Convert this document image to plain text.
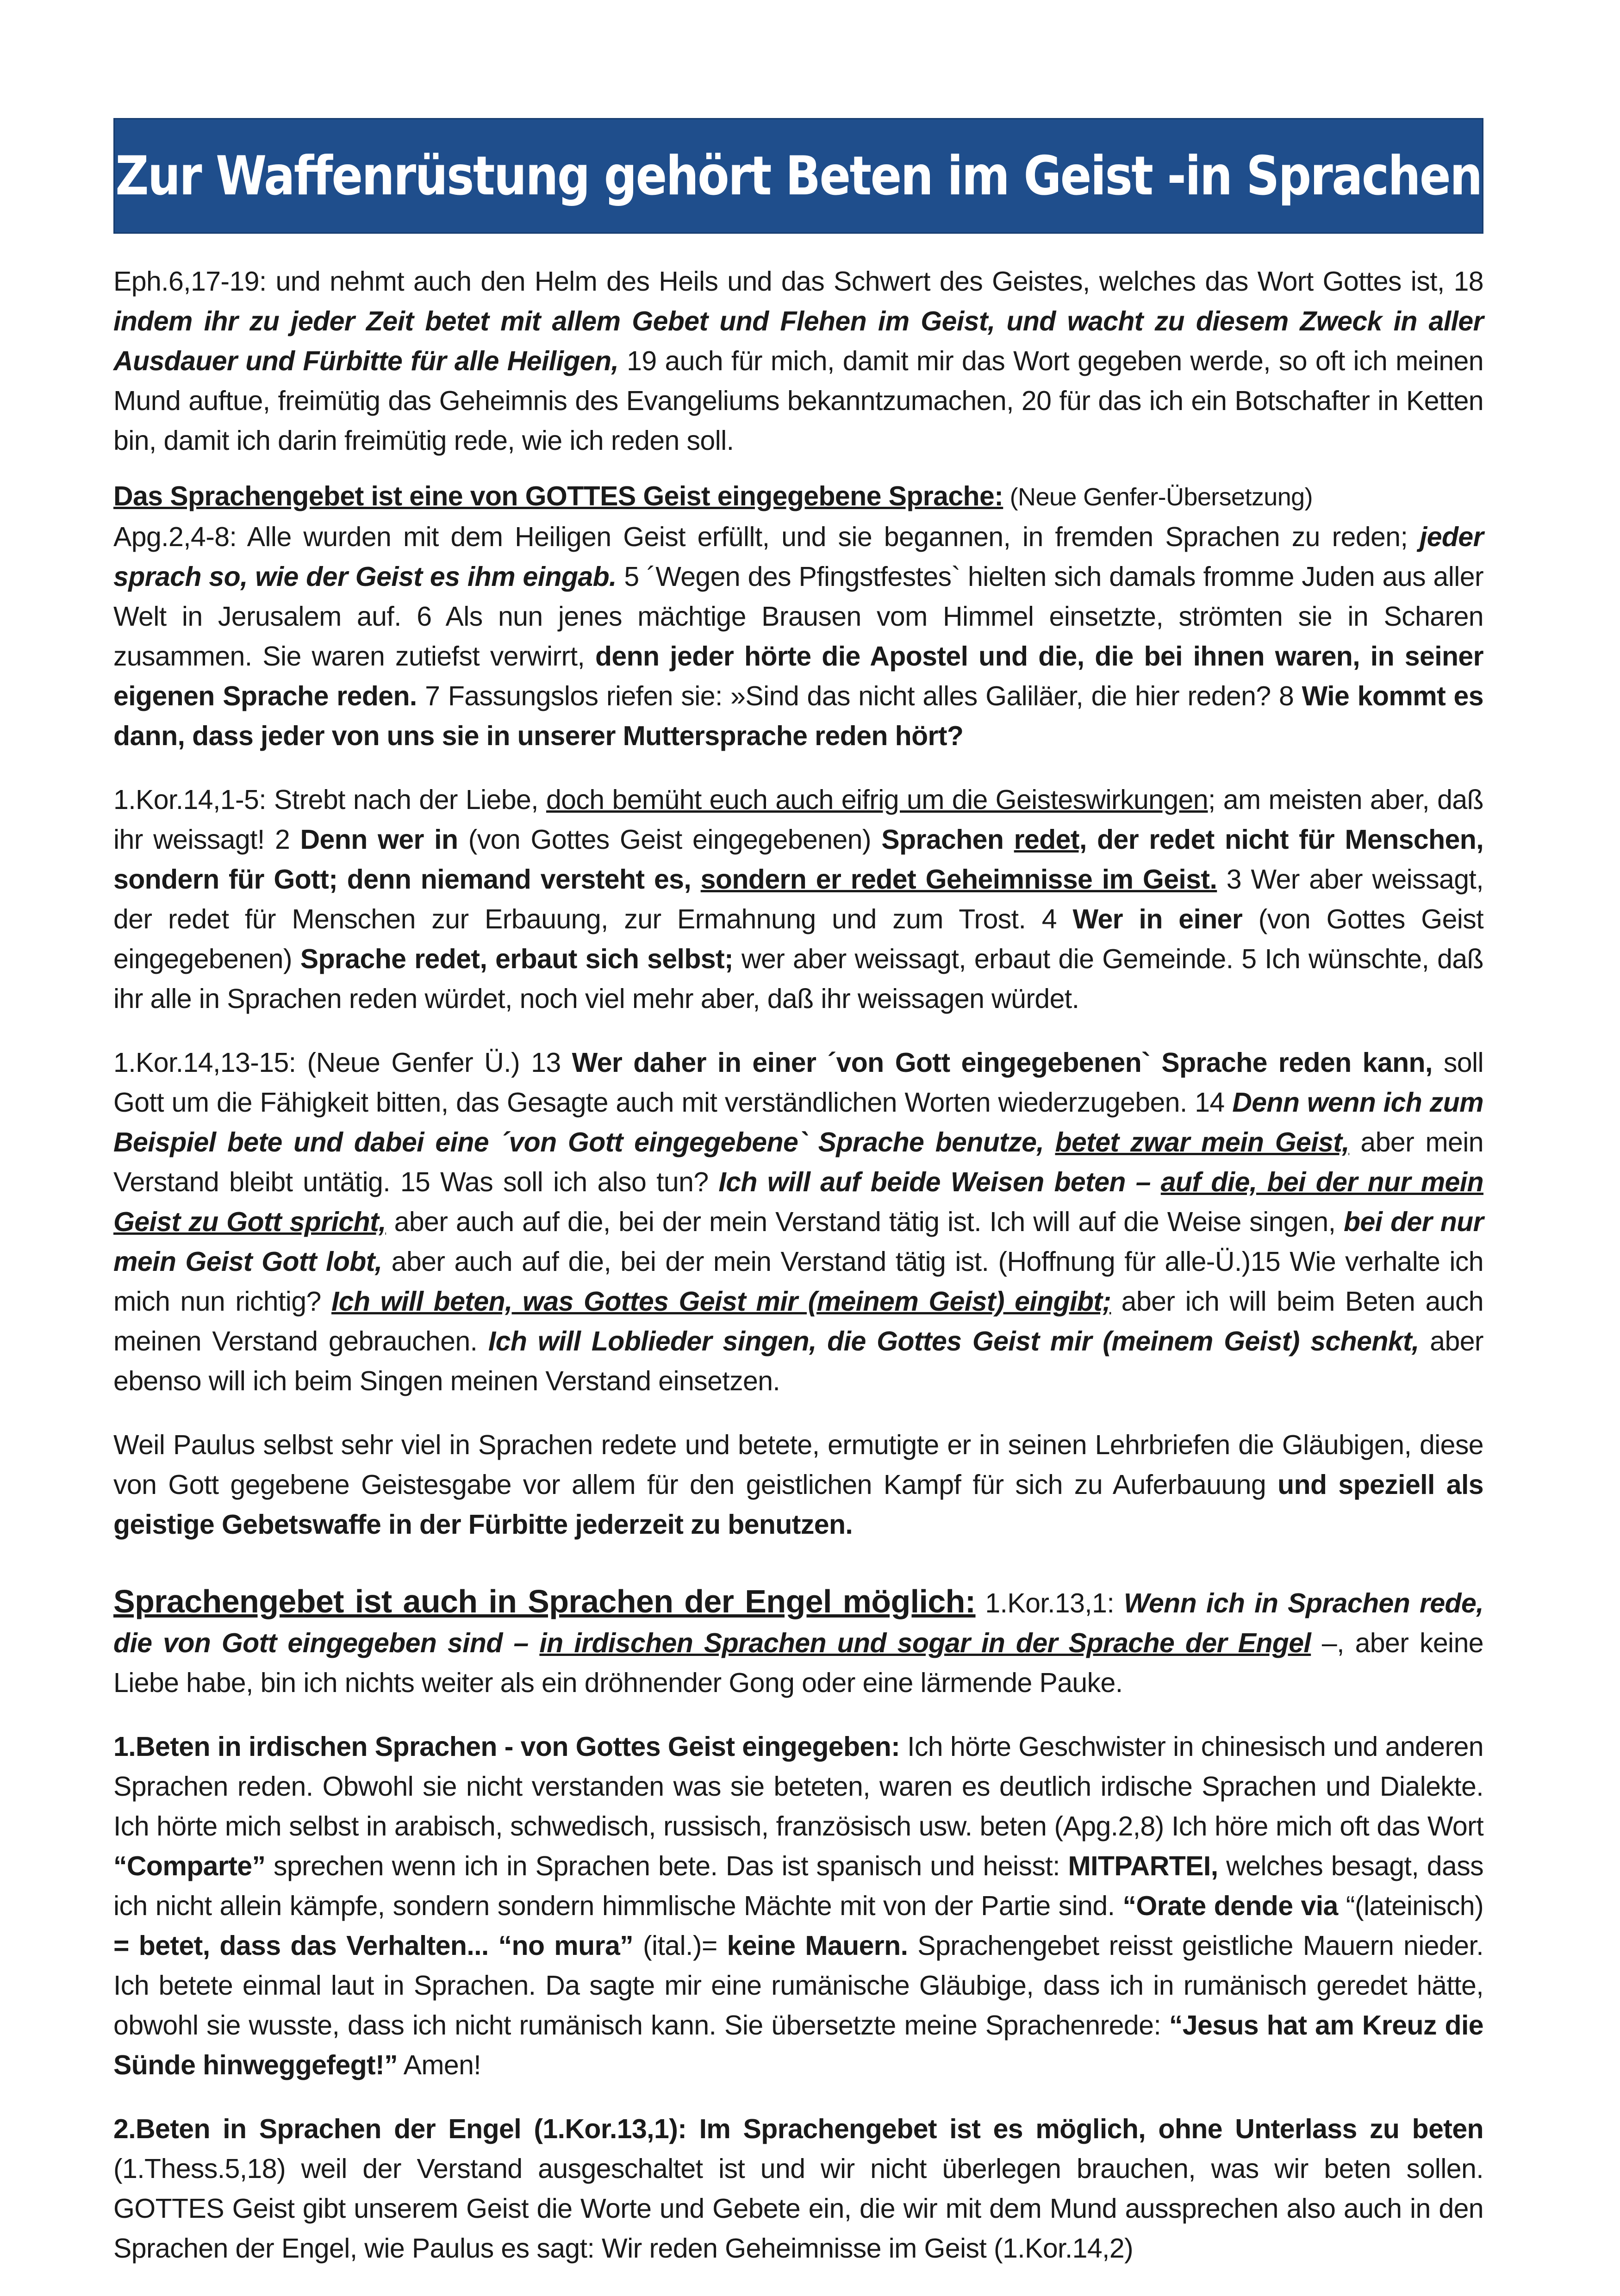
Zur Waffenrüstung gehört Beten im Geist -in Sprachen

Eph.6,17-19: und nehmt auch den Helm des Heils und das Schwert des Geistes, welches das Wort Gottes ist, 18 indem ihr zu jeder Zeit betet mit allem Gebet und Flehen im Geist, und wacht zu diesem Zweck in aller Ausdauer und Fürbitte für alle Heiligen, 19 auch für mich, damit mir das Wort gegeben werde, so oft ich meinen Mund auftue, freimütig das Geheimnis des Evangeliums bekanntzumachen, 20 für das ich ein Botschafter in Ketten bin, damit ich darin freimütig rede, wie ich reden soll.

Das Sprachengebet ist eine von GOTTES Geist eingegebene Sprache: (Neue Genfer-Übersetzung)
Apg.2,4-8: Alle wurden mit dem Heiligen Geist erfüllt, und sie begannen, in fremden Sprachen zu reden; jeder sprach so, wie der Geist es ihm eingab. 5 ´Wegen des Pfingstfestes` hielten sich damals fromme Juden aus aller Welt in Jerusalem auf. 6 Als nun jenes mächtige Brausen vom Himmel einsetzte, strömten sie in Scharen zusammen. Sie waren zutiefst verwirrt, denn jeder hörte die Apostel und die, die bei ihnen waren, in seiner eigenen Sprache reden. 7 Fassungslos riefen sie: »Sind das nicht alles Galiläer, die hier reden? 8 Wie kommt es dann, dass jeder von uns sie in unserer Muttersprache reden hört?

1.Kor.14,1-5: Strebt nach der Liebe, doch bemüht euch auch eifrig um die Geisteswirkungen; am meisten aber, daß ihr weissagt! 2 Denn wer in (von Gottes Geist eingegebenen) Sprachen redet, der redet nicht für Menschen, sondern für Gott; denn niemand versteht es, sondern er redet Geheimnisse im Geist. 3 Wer aber weissagt, der redet für Menschen zur Erbauung, zur Ermahnung und zum Trost. 4 Wer in einer (von Gottes Geist eingegebenen) Sprache redet, erbaut sich selbst; wer aber weissagt, erbaut die Gemeinde. 5 Ich wünschte, daß ihr alle in Sprachen reden würdet, noch viel mehr aber, daß ihr weissagen würdet.

1.Kor.14,13-15: (Neue Genfer Ü.) 13 Wer daher in einer ´von Gott eingegebenen` Sprache reden kann, soll Gott um die Fähigkeit bitten, das Gesagte auch mit verständlichen Worten wiederzugeben. 14 Denn wenn ich zum Beispiel bete und dabei eine ´von Gott eingegebene` Sprache benutze, betet zwar mein Geist, aber mein Verstand bleibt untätig. 15 Was soll ich also tun? Ich will auf beide Weisen beten – auf die, bei der nur mein Geist zu Gott spricht, aber auch auf die, bei der mein Verstand tätig ist. Ich will auf die Weise singen, bei der nur mein Geist Gott lobt, aber auch auf die, bei der mein Verstand tätig ist. (Hoffnung für alle-Ü.)15 Wie verhalte ich mich nun richtig? Ich will beten, was Gottes Geist mir (meinem Geist) eingibt; aber ich will beim Beten auch meinen Verstand gebrauchen. Ich will Loblieder singen, die Gottes Geist mir (meinem Geist) schenkt, aber ebenso will ich beim Singen meinen Verstand einsetzen.

Weil Paulus selbst sehr viel in Sprachen redete und betete, ermutigte er in seinen Lehrbriefen die Gläubigen, diese von Gott gegebene Geistesgabe vor allem für den geistlichen Kampf für sich zu Auferbauung und speziell als geistige Gebetswaffe in der Fürbitte jederzeit zu benutzen.

Sprachengebet ist auch in Sprachen der Engel möglich: 1.Kor.13,1: Wenn ich in Sprachen rede, die von Gott eingegeben sind – in irdischen Sprachen und sogar in der Sprache der Engel –, aber keine Liebe habe, bin ich nichts weiter als ein dröhnender Gong oder eine lärmende Pauke.

1.Beten in irdischen Sprachen - von Gottes Geist eingegeben: Ich hörte Geschwister in chinesisch und anderen Sprachen reden. Obwohl sie nicht verstanden was sie beteten, waren es deutlich irdische Sprachen und Dialekte. Ich hörte mich selbst in arabisch, schwedisch, russisch, französisch usw. beten (Apg.2,8) Ich höre mich oft das Wort “Comparte” sprechen wenn ich in Sprachen bete. Das ist spanisch und heisst: MITPARTEI, welches besagt, dass ich nicht allein kämpfe, sondern sondern himmlische Mächte mit von der Partie sind. “Orate dende via “(lateinisch) = betet, dass das Verhalten... “no mura” (ital.)= keine Mauern. Sprachengebet reisst geistliche Mauern nieder. Ich betete einmal laut in Sprachen. Da sagte mir eine rumänische Gläubige, dass ich in rumänisch geredet hätte, obwohl sie wusste, dass ich nicht rumänisch kann. Sie übersetzte meine Sprachenrede: “Jesus hat am Kreuz die Sünde hinweggefegt!” Amen!

2.Beten in Sprachen der Engel (1.Kor.13,1): Im Sprachengebet ist es möglich, ohne Unterlass zu beten (1.Thess.5,18) weil der Verstand ausgeschaltet ist und wir nicht überlegen brauchen, was wir beten sollen. GOTTES Geist gibt unserem Geist die Worte und Gebete ein, die wir mit dem Mund aussprechen also auch in den Sprachen der Engel, wie Paulus es sagt: Wir reden Geheimnisse im Geist (1.Kor.14,2)
